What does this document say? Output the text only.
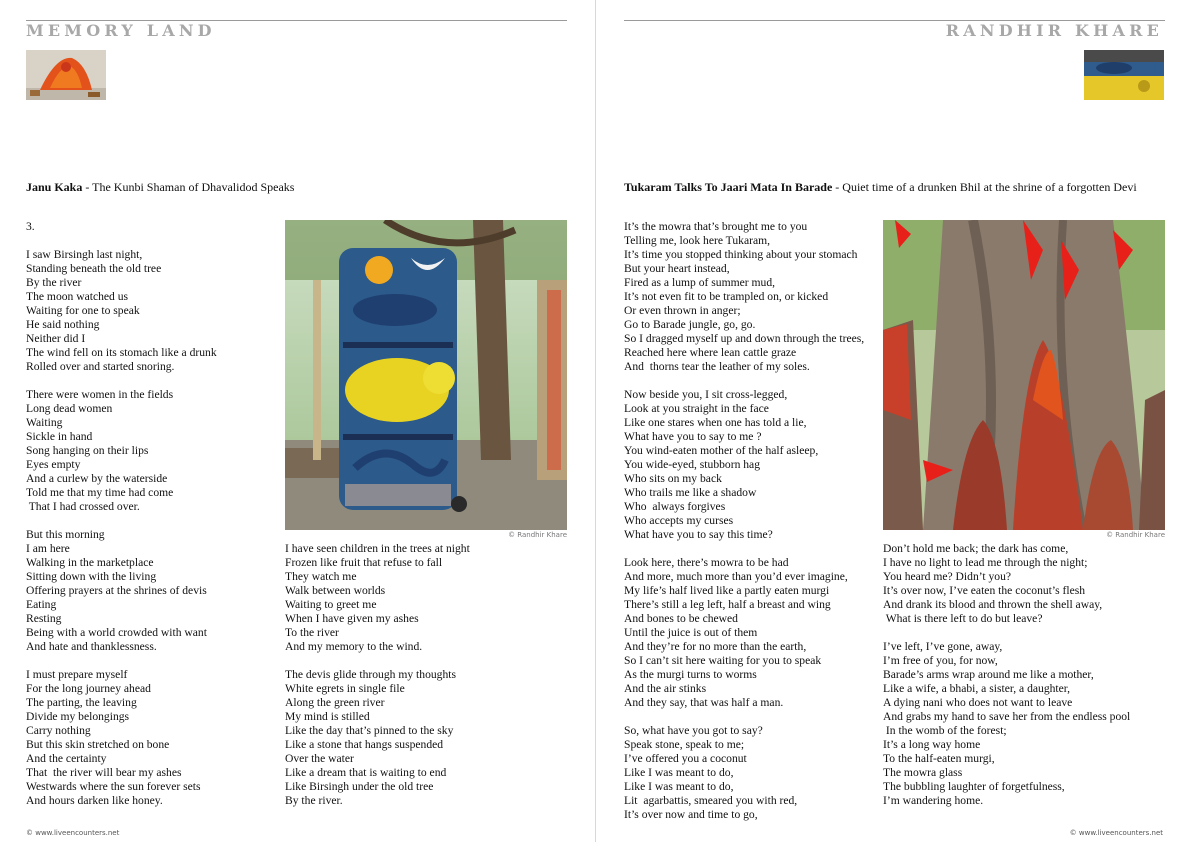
MEMORY LAND
Janu Kaka - The Kunbi Shaman of Dhavalidod Speaks
3.

I saw Birsingh last night,
Standing beneath the old tree
By the river
The moon watched us
Waiting for one to speak
He said nothing
Neither did I
The wind fell on its stomach like a drunk
Rolled over and started snoring.

There were women in the fields
Long dead women
Waiting
Sickle in hand
Song hanging on their lips
Eyes empty
And a curlew by the waterside
Told me that my time had come
That I had crossed over.

But this morning
I am here
Walking in the marketplace
Sitting down with the living
Offering prayers at the shrines of devis
Eating
Resting
Being with a world crowded with want
And hate and thanklessness.

I must prepare myself
For the long journey ahead
The parting, the leaving
Divide my belongings
Carry nothing
But this skin stretched on bone
And the certainty
That  the river will bear my ashes
Westwards where the sun forever sets
And hours darken like honey.
© Randhir Khare
I have seen children in the trees at night
Frozen like fruit that refuse to fall
They watch me
Walk between worlds
Waiting to greet me
When I have given my ashes
To the river
And my memory to the wind.

The devis glide through my thoughts
White egrets in single file
Along the green river
My mind is stilled
Like the day that’s pinned to the sky
Like a stone that hangs suspended
Over the water
Like a dream that is waiting to end
Like Birsingh under the old tree
By the river.
© www.liveencounters.net
RANDHIR KHARE
Tukaram Talks To Jaari Mata In Barade - Quiet time of a drunken Bhil at the shrine of a forgotten Devi
It’s the mowra that’s brought me to you
Telling me, look here Tukaram,
It’s time you stopped thinking about your stomach
But your heart instead,
Fired as a lump of summer mud,
It’s not even fit to be trampled on, or kicked
Or even thrown in anger;
Go to Barade jungle, go, go.
So I dragged myself up and down through the trees,
Reached here where lean cattle graze
And  thorns tear the leather of my soles.

Now beside you, I sit cross-legged,
Look at you straight in the face
Like one stares when one has told a lie,
What have you to say to me ?
You wind-eaten mother of the half asleep,
You wide-eyed, stubborn hag
Who sits on my back
Who trails me like a shadow
Who  always forgives
Who accepts my curses
What have you to say this time?

Look here, there’s mowra to be had
And more, much more than you’d ever imagine,
My life’s half lived like a partly eaten murgi
There’s still a leg left, half a breast and wing
And bones to be chewed
Until the juice is out of them
And they’re for no more than the earth,
So I can’t sit here waiting for you to speak
As the murgi turns to worms
And the air stinks
And they say, that was half a man.

So, what have you got to say?
Speak stone, speak to me;
I’ve offered you a coconut
Like I was meant to do,
Like I was meant to do,
Lit  agarbattis, smeared you with red,
It’s over now and time to go,
© Randhir Khare
Don’t hold me back; the dark has come,
I have no light to lead me through the night;
You heard me? Didn’t you?
It’s over now, I’ve eaten the coconut’s flesh
And drank its blood and thrown the shell away,
What is there left to do but leave?

I’ve left, I’ve gone, away,
I’m free of you, for now,
Barade’s arms wrap around me like a mother,
Like a wife, a bhabi, a sister, a daughter,
A dying nani who does not want to leave
And grabs my hand to save her from the endless pool
In the womb of the forest;
It’s a long way home
To the half-eaten murgi,
The mowra glass
The bubbling laughter of forgetfulness,
I’m wandering home.
© www.liveencounters.net
